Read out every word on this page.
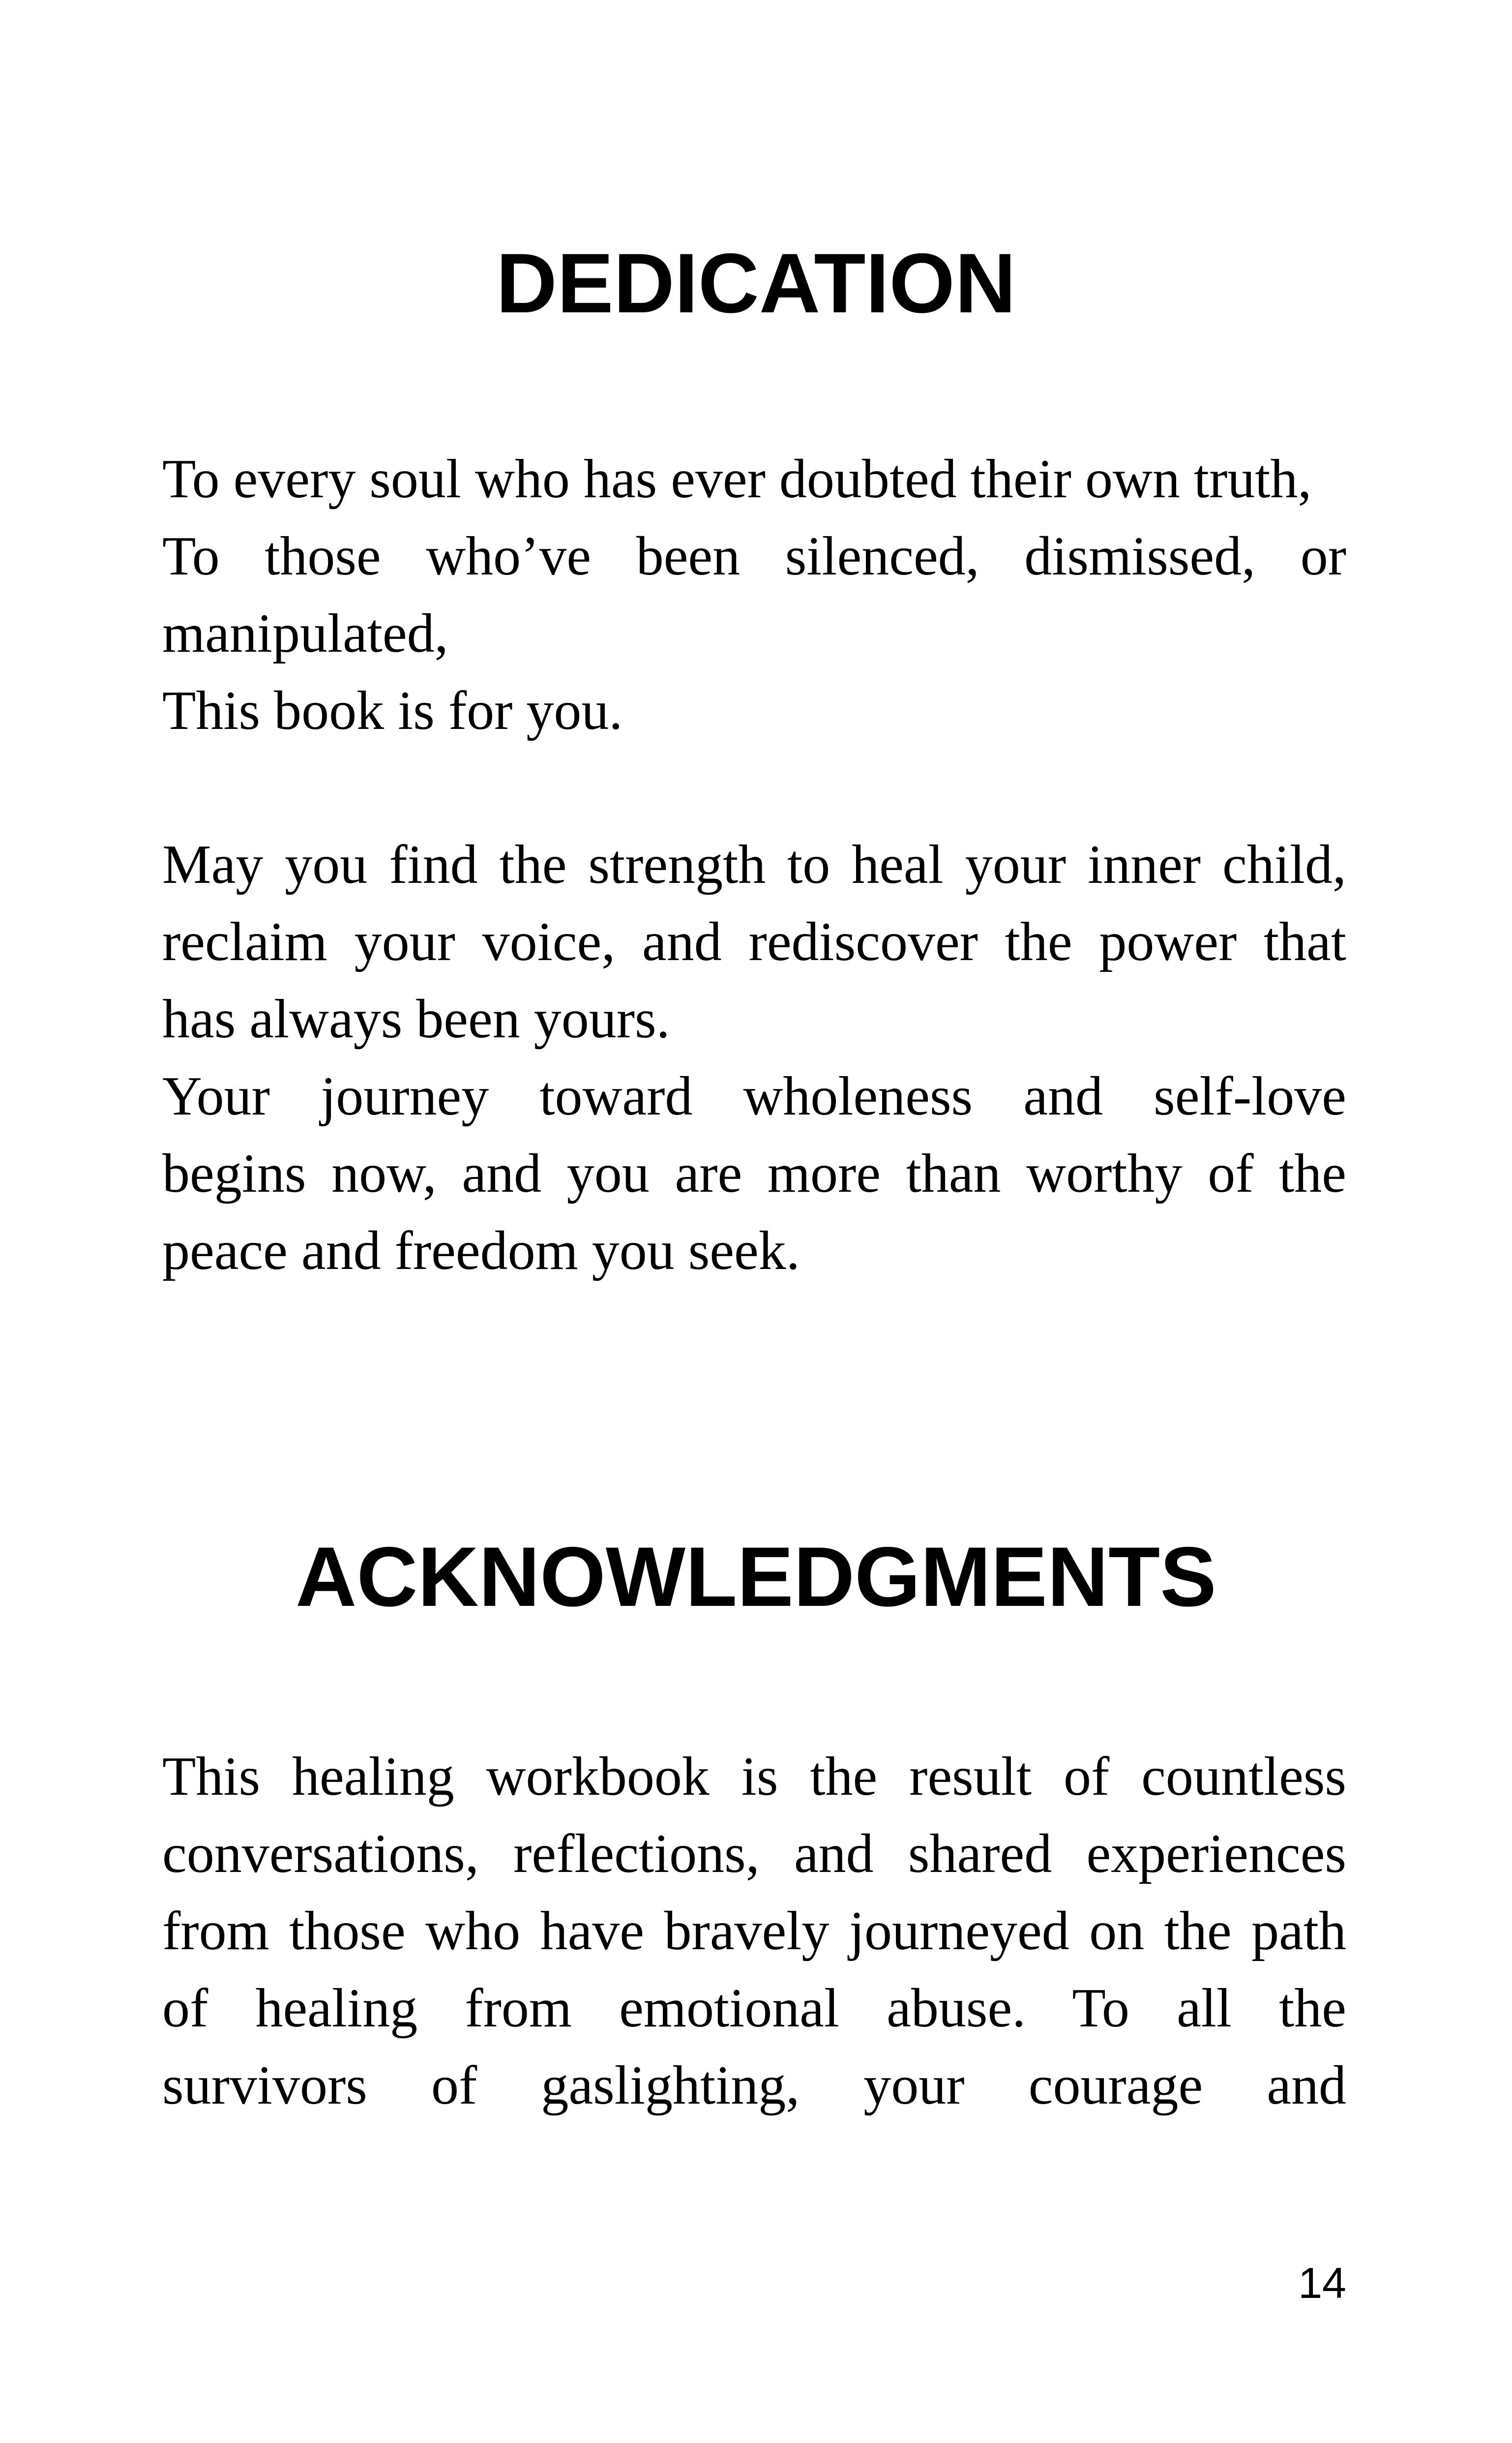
DEDICATION

To every soul who has ever doubted their own truth,

To those who’ve been silenced, dismissed, or

manipulated,

This book is for you.

May you find the strength to heal your inner child,

reclaim your voice, and rediscover the power that

has always been yours.

Your journey toward wholeness and self-love

begins now, and you are more than worthy of the

peace and freedom you seek.

ACKNOWLEDGMENTS

This healing workbook is the result of countless

conversations, reflections, and shared experiences

from those who have bravely journeyed on the path

of healing from emotional abuse. To all the

survivors of gaslighting, your courage and

14
